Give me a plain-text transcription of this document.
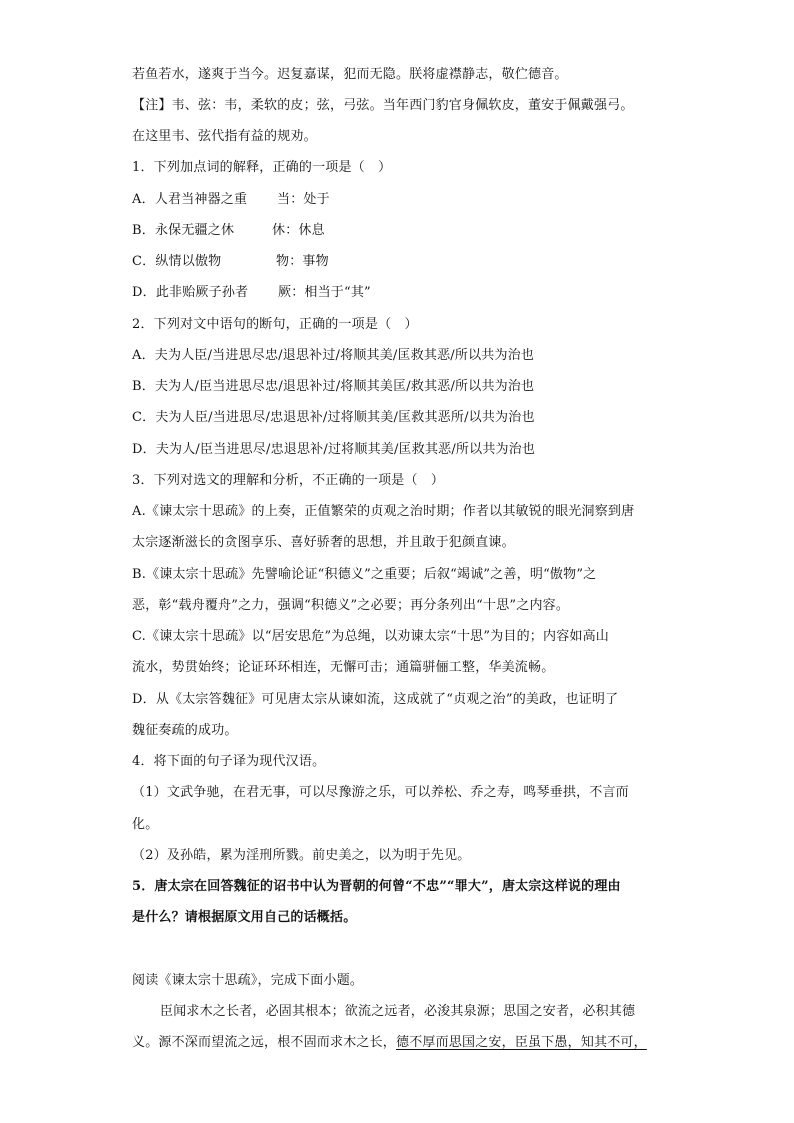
若鱼若水，遂爽于当今。迟复嘉谋，犯而无隐。朕将虚襟静志，敬伫德音。
【注】韦、弦：韦，柔软的皮；弦，弓弦。当年西门豹官身佩软皮，董安于佩戴强弓。
在这里韦、弦代指有益的规劝。
1．下列加点词的解释，正确的一项是（　）
A．人君当神器之重 当：处于
B．永保无疆之休	休：休息
C．纵情以傲物	物：事物
D．此非贻厥子孙者 厥：相当于“其”
2．下列对文中语句的断句，正确的一项是（　）
A．夫为人臣/当进思尽忠/退思补过/将顺其美/匡救其恶/所以共为治也
B．夫为人/臣当进思尽忠/退思补过/将顺其美匡/救其恶/所以共为治也
C．夫为人臣/当进思尽/忠退思补/过将顺其美/匡救其恶所/以共为治也
D．夫为人/臣当进思尽/忠退思补/过将顺其美/匡救其恶/所以共为治也
3．下列对选文的理解和分析，不正确的一项是（　）
A.《谏太宗十思疏》的上奏，正值繁荣的贞观之治时期；作者以其敏锐的眼光洞察到唐
太宗逐渐滋长的贪图享乐、喜好骄奢的思想，并且敢于犯颜直谏。
B.《谏太宗十思疏》先譬喻论证“积德义”之重要；后叙“竭诚”之善，明“傲物”之
恶，彰“载舟覆舟”之力，强调“积德义”之必要；再分条列出“十思”之内容。
C.《谏太宗十思疏》以“居安思危”为总绳，以劝谏太宗“十思”为目的；内容如高山
流水，势贯始终；论证环环相连，无懈可击；通篇骈俪工整，华美流畅。
D．从《太宗答魏征》可见唐太宗从谏如流，这成就了“贞观之治”的美政，也证明了
魏征奏疏的成功。
4．将下面的句子译为现代汉语。
（1）文武争驰，在君无事，可以尽豫游之乐，可以养松、乔之寿，鸣琴垂拱，不言而
化。
（2）及孙皓，累为淫刑所戮。前史美之，以为明于先见。
5．唐太宗在回答魏征的诏书中认为晋朝的何曾“不忠”“罪大”，唐太宗这样说的理由
是什么？请根据原文用自己的话概括。
阅读《谏太宗十思疏》，完成下面小题。
臣闻求木之长者，必固其根本；欲流之远者，必浚其泉源；思国之安者，必积其德
义。源不深而望流之远，根不固而求木之长，德不厚而思国之安，臣虽下愚，知其不可，
